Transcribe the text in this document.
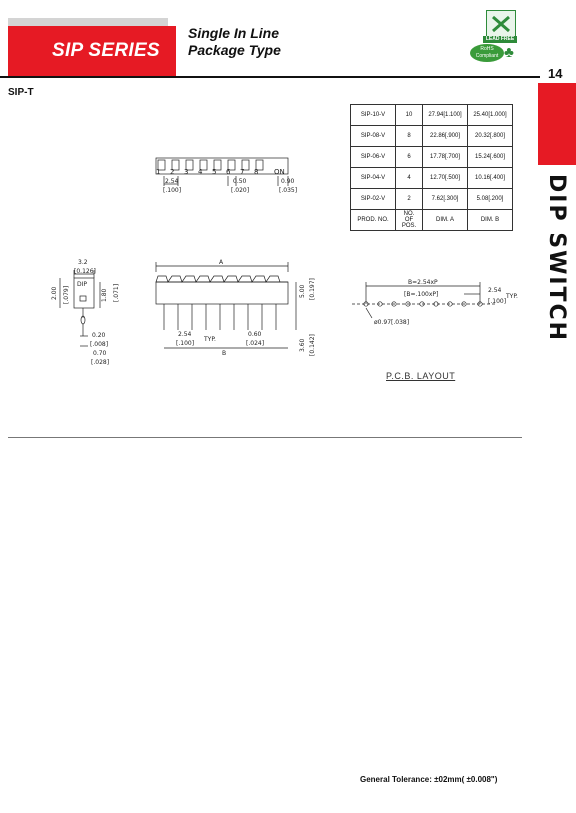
SIP SERIES
Single In Line
Package Type
LEAD FREE
RoHS Compliant ♣
14
DIP SWITCH
SIP-T
SIP-10-V	10	27.94[1.100]	25.40[1.000]
SIP-08-V	8	22.86[.900]	20.32[.800]
SIP-06-V	6	17.78[.700]	15.24[.600]
SIP-04-V	4	12.70[.500]	10.16[.400]
SIP-02-V	2	7.62[.300]	5.08[.200]
PROD. NO.	NO. OF POS.	DIM. A	DIM. B
1 2 3 4 5 6 7 8 ON
2.54
[.100]
0.50
[.020]
0.90
[.035]
3.2
[0.126]
2.00 [.079]	1.80 [.071]
0.20
[.008]
0.70
[.028]
DIP
A
2.54
[.100]
TYP.
0.60
[.024]
B
5.00 [0.197]
3.60 [0.142]
B=2.54xP
[B=.100xP]
2.54
TYP.
[.100]
ø0.97[.038]
P.C.B. LAYOUT
General Tolerance: ±02mm( ±0.008")
